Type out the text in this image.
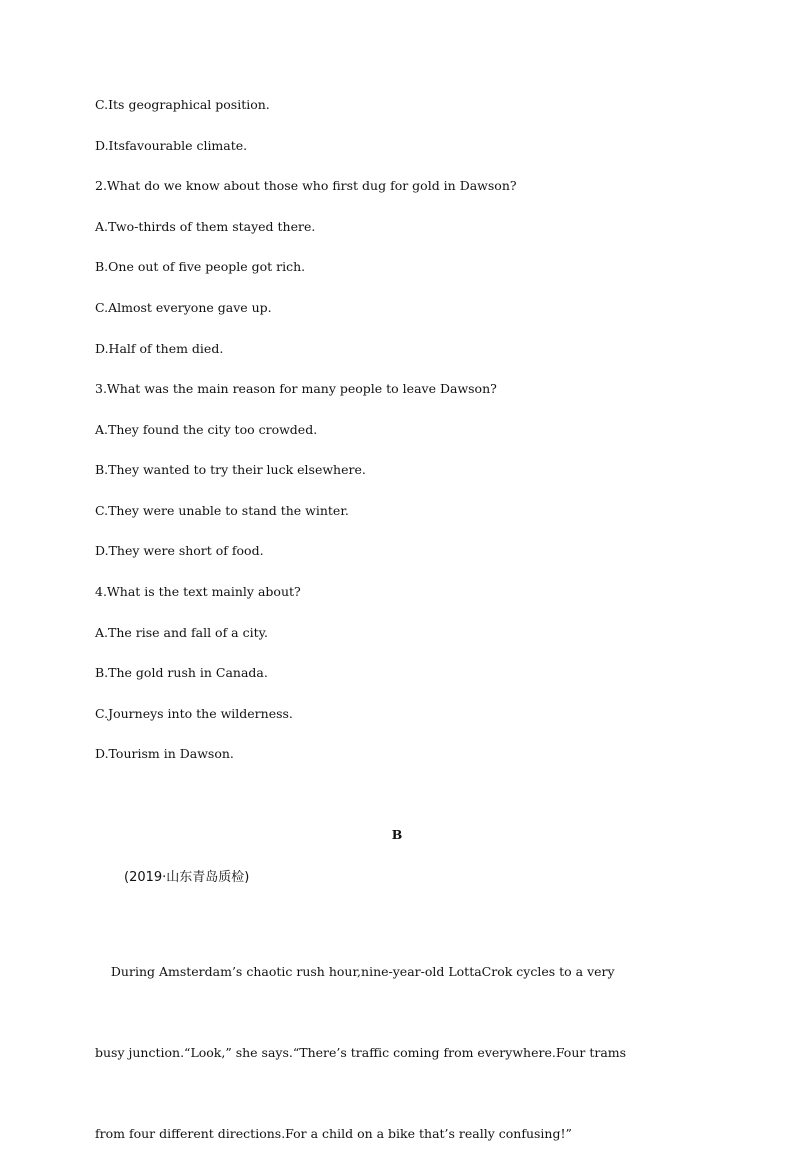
C.Its geographical position.
D.Itsfavourable climate.
2.What do we know about those who first dug for gold in Dawson?
A.Two-thirds of them stayed there.
B.One out of five people got rich.
C.Almost everyone gave up.
D.Half of them died.
3.What was the main reason for many people to leave Dawson?
A.They found the city too crowded.
B.They wanted to try their luck elsewhere.
C.They were unable to stand the winter.
D.They were short of food.
4.What is the text mainly about?
A.The rise and fall of a city.
B.The gold rush in Canada.
C.Journeys into the wilderness.
D.Tourism in Dawson.
B
(2019·山东青岛质检)

During Amsterdam’s chaotic rush hour,nine-year-old LottaCrok cycles to a very

busy junction.“Look,” she says.“There’s traffic coming from everywhere.Four trams

from four different directions.For a child on a bike that’s really confusing!”
